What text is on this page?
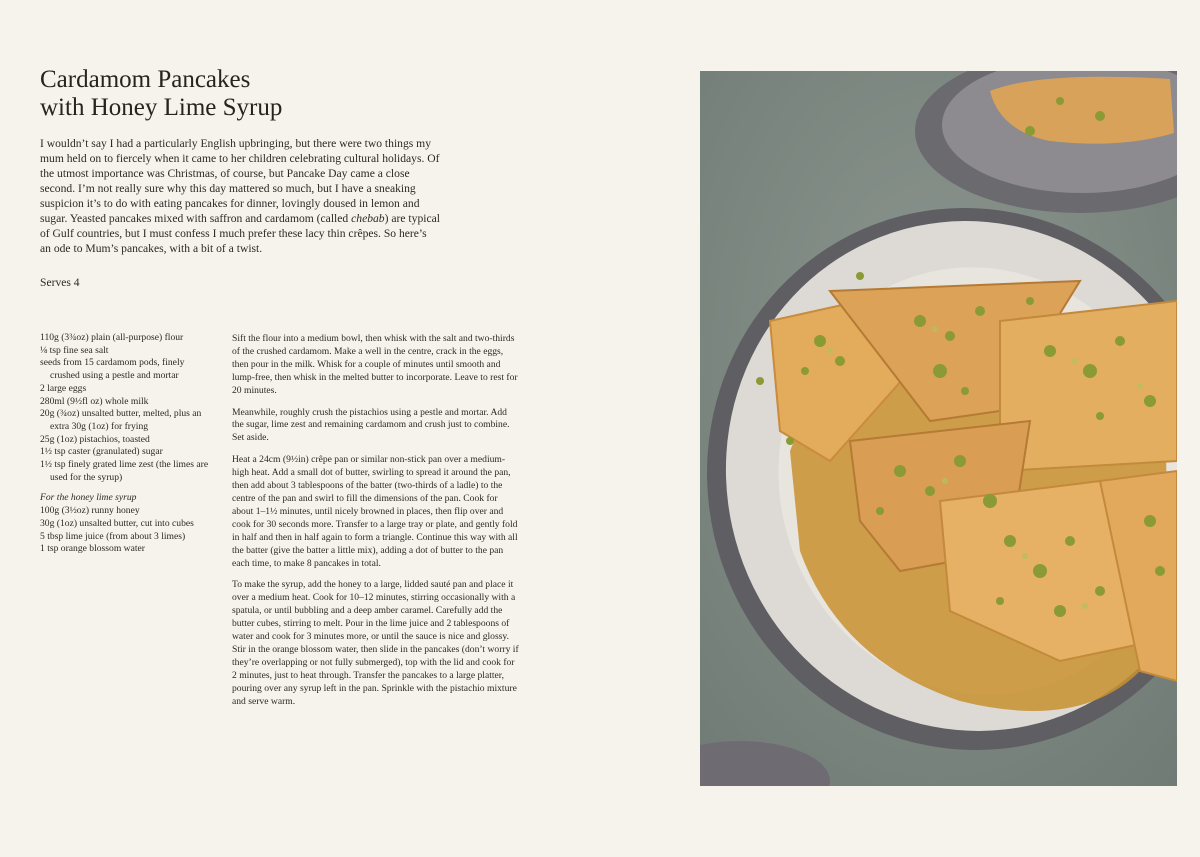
Cardamom Pancakes
with Honey Lime Syrup

I wouldn’t say I had a particularly English upbringing, but there were two things my mum held on to fiercely when it came to her children celebrating cultural holidays. Of the utmost importance was Christmas, of course, but Pancake Day came a close second. I’m not really sure why this day mattered so much, but I have a sneaking suspicion it’s to do with eating pancakes for dinner, lovingly doused in lemon and sugar. Yeasted pancakes mixed with saffron and cardamom (called chebab) are typical of Gulf countries, but I must confess I much prefer these lacy thin crêpes. So here’s an ode to Mum’s pancakes, with a bit of a twist.

Serves 4

110g (3¾oz) plain (all-purpose) flour

⅛ tsp fine sea salt

seeds from 15 cardamom pods, finely crushed using a pestle and mortar

2 large eggs

280ml (9½fl oz) whole milk

20g (¾oz) unsalted butter, melted, plus an extra 30g (1oz) for frying

25g (1oz) pistachios, toasted

1½ tsp caster (granulated) sugar

1½ tsp finely grated lime zest (the limes are used for the syrup)

For the honey lime syrup

100g (3½oz) runny honey

30g (1oz) unsalted butter, cut into cubes

5 tbsp lime juice (from about 3 limes)

1 tsp orange blossom water

Sift the flour into a medium bowl, then whisk with the salt and two-thirds of the crushed cardamom. Make a well in the centre, crack in the eggs, then pour in the milk. Whisk for a couple of minutes until smooth and lump-free, then whisk in the melted butter to incorporate. Leave to rest for 20 minutes.

Meanwhile, roughly crush the pistachios using a pestle and mortar. Add the sugar, lime zest and remaining cardamom and crush just to combine. Set aside.

Heat a 24cm (9½in) crêpe pan or similar non-stick pan over a medium-high heat. Add a small dot of butter, swirling to spread it around the pan, then add about 3 tablespoons of the batter (two-thirds of a ladle) to the centre of the pan and swirl to fill the dimensions of the pan. Cook for about 1–1½ minutes, until nicely browned in places, then flip over and cook for 30 seconds more. Transfer to a large tray or plate, and gently fold in half and then in half again to form a triangle. Continue this way with all the batter (give the batter a little mix), adding a dot of butter to the pan each time, to make 8 pancakes in total.

To make the syrup, add the honey to a large, lidded sauté pan and place it over a medium heat. Cook for 10–12 minutes, stirring occasionally with a spatula, or until bubbling and a deep amber caramel. Carefully add the butter cubes, stirring to melt. Pour in the lime juice and 2 tablespoons of water and cook for 3 minutes more, or until the sauce is nice and glossy. Stir in the orange blossom water, then slide in the pancakes (don’t worry if they’re overlapping or not fully submerged), top with the lid and cook for 2 minutes, just to heat through. Transfer the pancakes to a large platter, pouring over any syrup left in the pan. Sprinkle with the pistachio mixture and serve warm.
